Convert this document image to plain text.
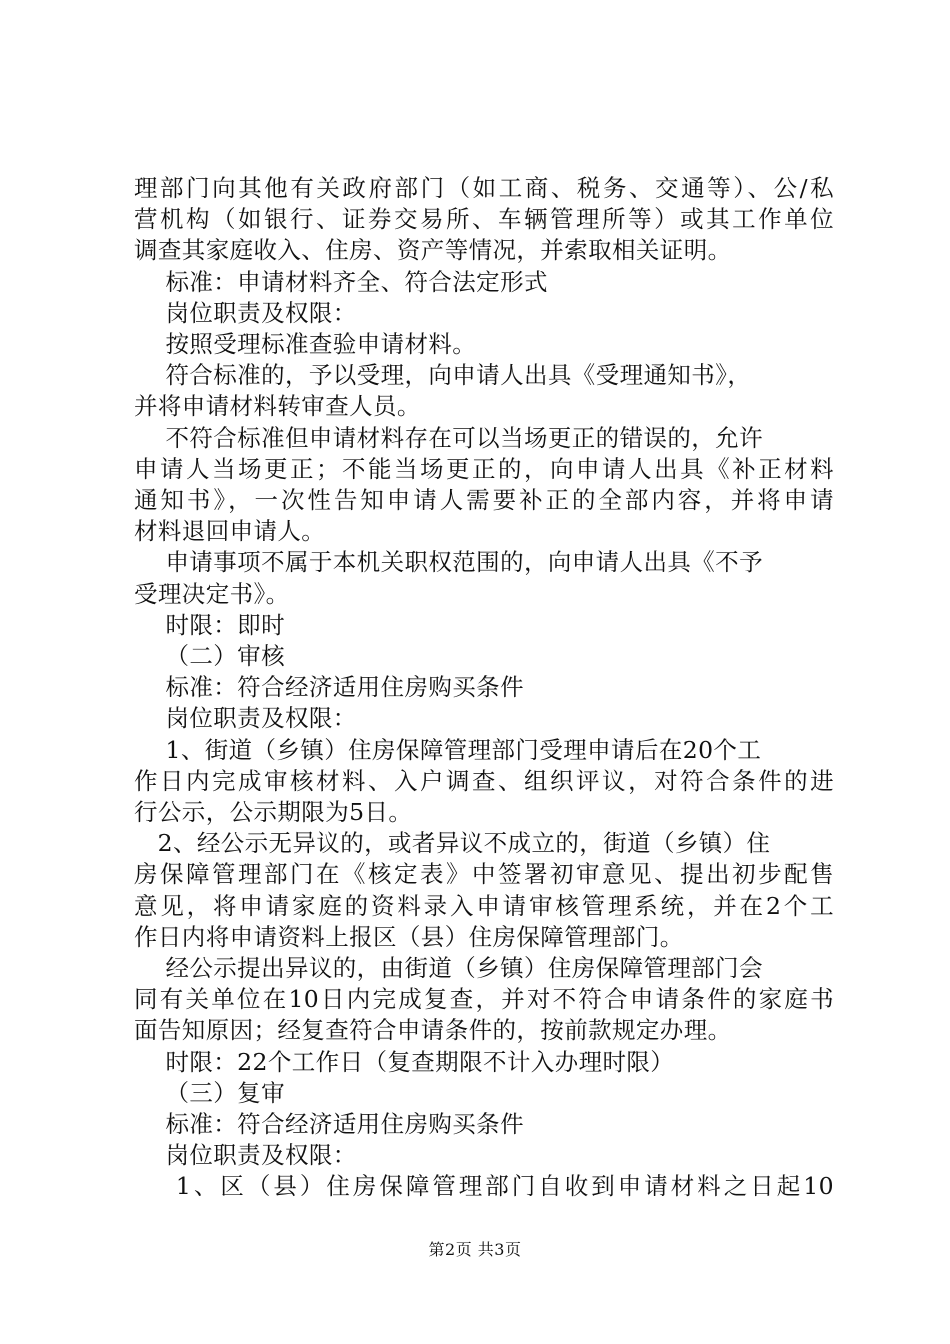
理部门向其他有关政府部门（如工商、税务、交通等）、公/私
营机构（如银行、证券交易所、车辆管理所等）或其工作单位
调查其家庭收入、住房、资产等情况，并索取相关证明。
标准：申请材料齐全、符合法定形式
岗位职责及权限：
按照受理标准查验申请材料。
符合标准的，予以受理，向申请人出具《受理通知书》，
并将申请材料转审查人员。
不符合标准但申请材料存在可以当场更正的错误的，允许
申请人当场更正；不能当场更正的，向申请人出具《补正材料
通知书》，一次性告知申请人需要补正的全部内容，并将申请
材料退回申请人。
申请事项不属于本机关职权范围的，向申请人出具《不予
受理决定书》。
时限：即时
（二）审核
标准：符合经济适用住房购买条件
岗位职责及权限：
1、街道（乡镇）住房保障管理部门受理申请后在20个工
作日内完成审核材料、入户调查、组织评议，对符合条件的进
行公示，公示期限为5日。
2、经公示无异议的，或者异议不成立的，街道（乡镇）住
房保障管理部门在《核定表》中签署初审意见、提出初步配售
意见，将申请家庭的资料录入申请审核管理系统，并在2个工
作日内将申请资料上报区（县）住房保障管理部门。
经公示提出异议的，由街道（乡镇）住房保障管理部门会
同有关单位在10日内完成复查，并对不符合申请条件的家庭书
面告知原因；经复查符合申请条件的，按前款规定办理。
时限：22个工作日（复查期限不计入办理时限）
（三）复审
标准：符合经济适用住房购买条件
岗位职责及权限：
1、区（县）住房保障管理部门自收到申请材料之日起10
第2页 共3页
